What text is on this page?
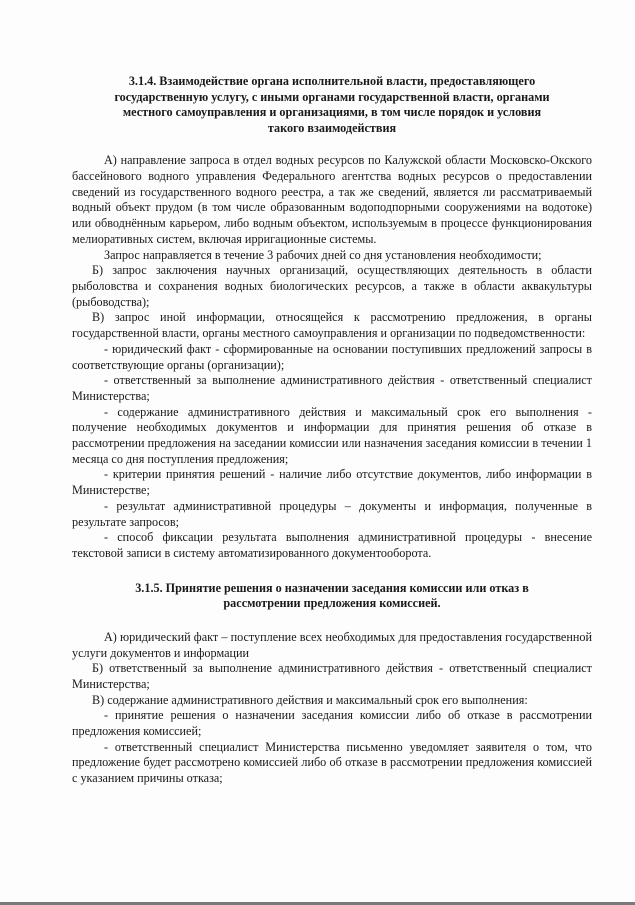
3.1.4. Взаимодействие органа исполнительной власти, предоставляющего
государственную услугу, с иными органами государственной власти, органами
местного самоуправления и организациями, в том числе порядок и условия
такого взаимодействия

А) направление запроса в отдел водных ресурсов по Калужской области Московско-Окского бассейнового водного управления Федерального агентства водных ресурсов о предоставлении сведений из государственного водного реестра, а так же сведений, является ли рассматриваемый водный объект прудом (в том числе образованным водоподпорными сооружениями на водотоке) или обводнённым карьером, либо водным объектом, используемым в процессе функционирования мелиоративных систем, включая ирригационные системы.

Запрос направляется в течение 3 рабочих дней со дня установления необходимости;

Б) запрос заключения научных организаций, осуществляющих деятельность в области рыболовства и сохранения водных биологических ресурсов, а также в области аквакультуры (рыбоводства);

В) запрос иной информации, относящейся к рассмотрению предложения, в органы государственной власти, органы местного самоуправления и организации по подведомственности:

- юридический факт - сформированные на основании поступивших предложений запросы в соответствующие органы (организации);

- ответственный за выполнение административного действия - ответственный специалист Министерства;

- содержание административного действия и максимальный срок его выполнения - получение необходимых документов и информации для принятия решения об отказе в рассмотрении предложения на заседании комиссии или назначения заседания комиссии в течении 1 месяца со дня поступления предложения;

- критерии принятия решений - наличие либо отсутствие документов, либо информации в Министерстве;

- результат административной процедуры – документы и информация, полученные в результате запросов;

- способ фиксации результата выполнения административной процедуры - внесение текстовой записи в систему автоматизированного документооборота.

3.1.5. Принятие решения о назначении заседания комиссии или отказ в
рассмотрении предложения комиссией.

А) юридический факт – поступление всех необходимых для предоставления государственной услуги документов и информации

Б) ответственный за выполнение административного действия - ответственный специалист Министерства;

В) содержание административного действия и максимальный срок его выполнения:

- принятие решения о назначении заседания комиссии либо об отказе в рассмотрении предложения комиссией;

- ответственный специалист Министерства письменно уведомляет заявителя о том, что предложение будет рассмотрено комиссией либо об отказе в рассмотрении предложения комиссией с указанием причины отказа;
